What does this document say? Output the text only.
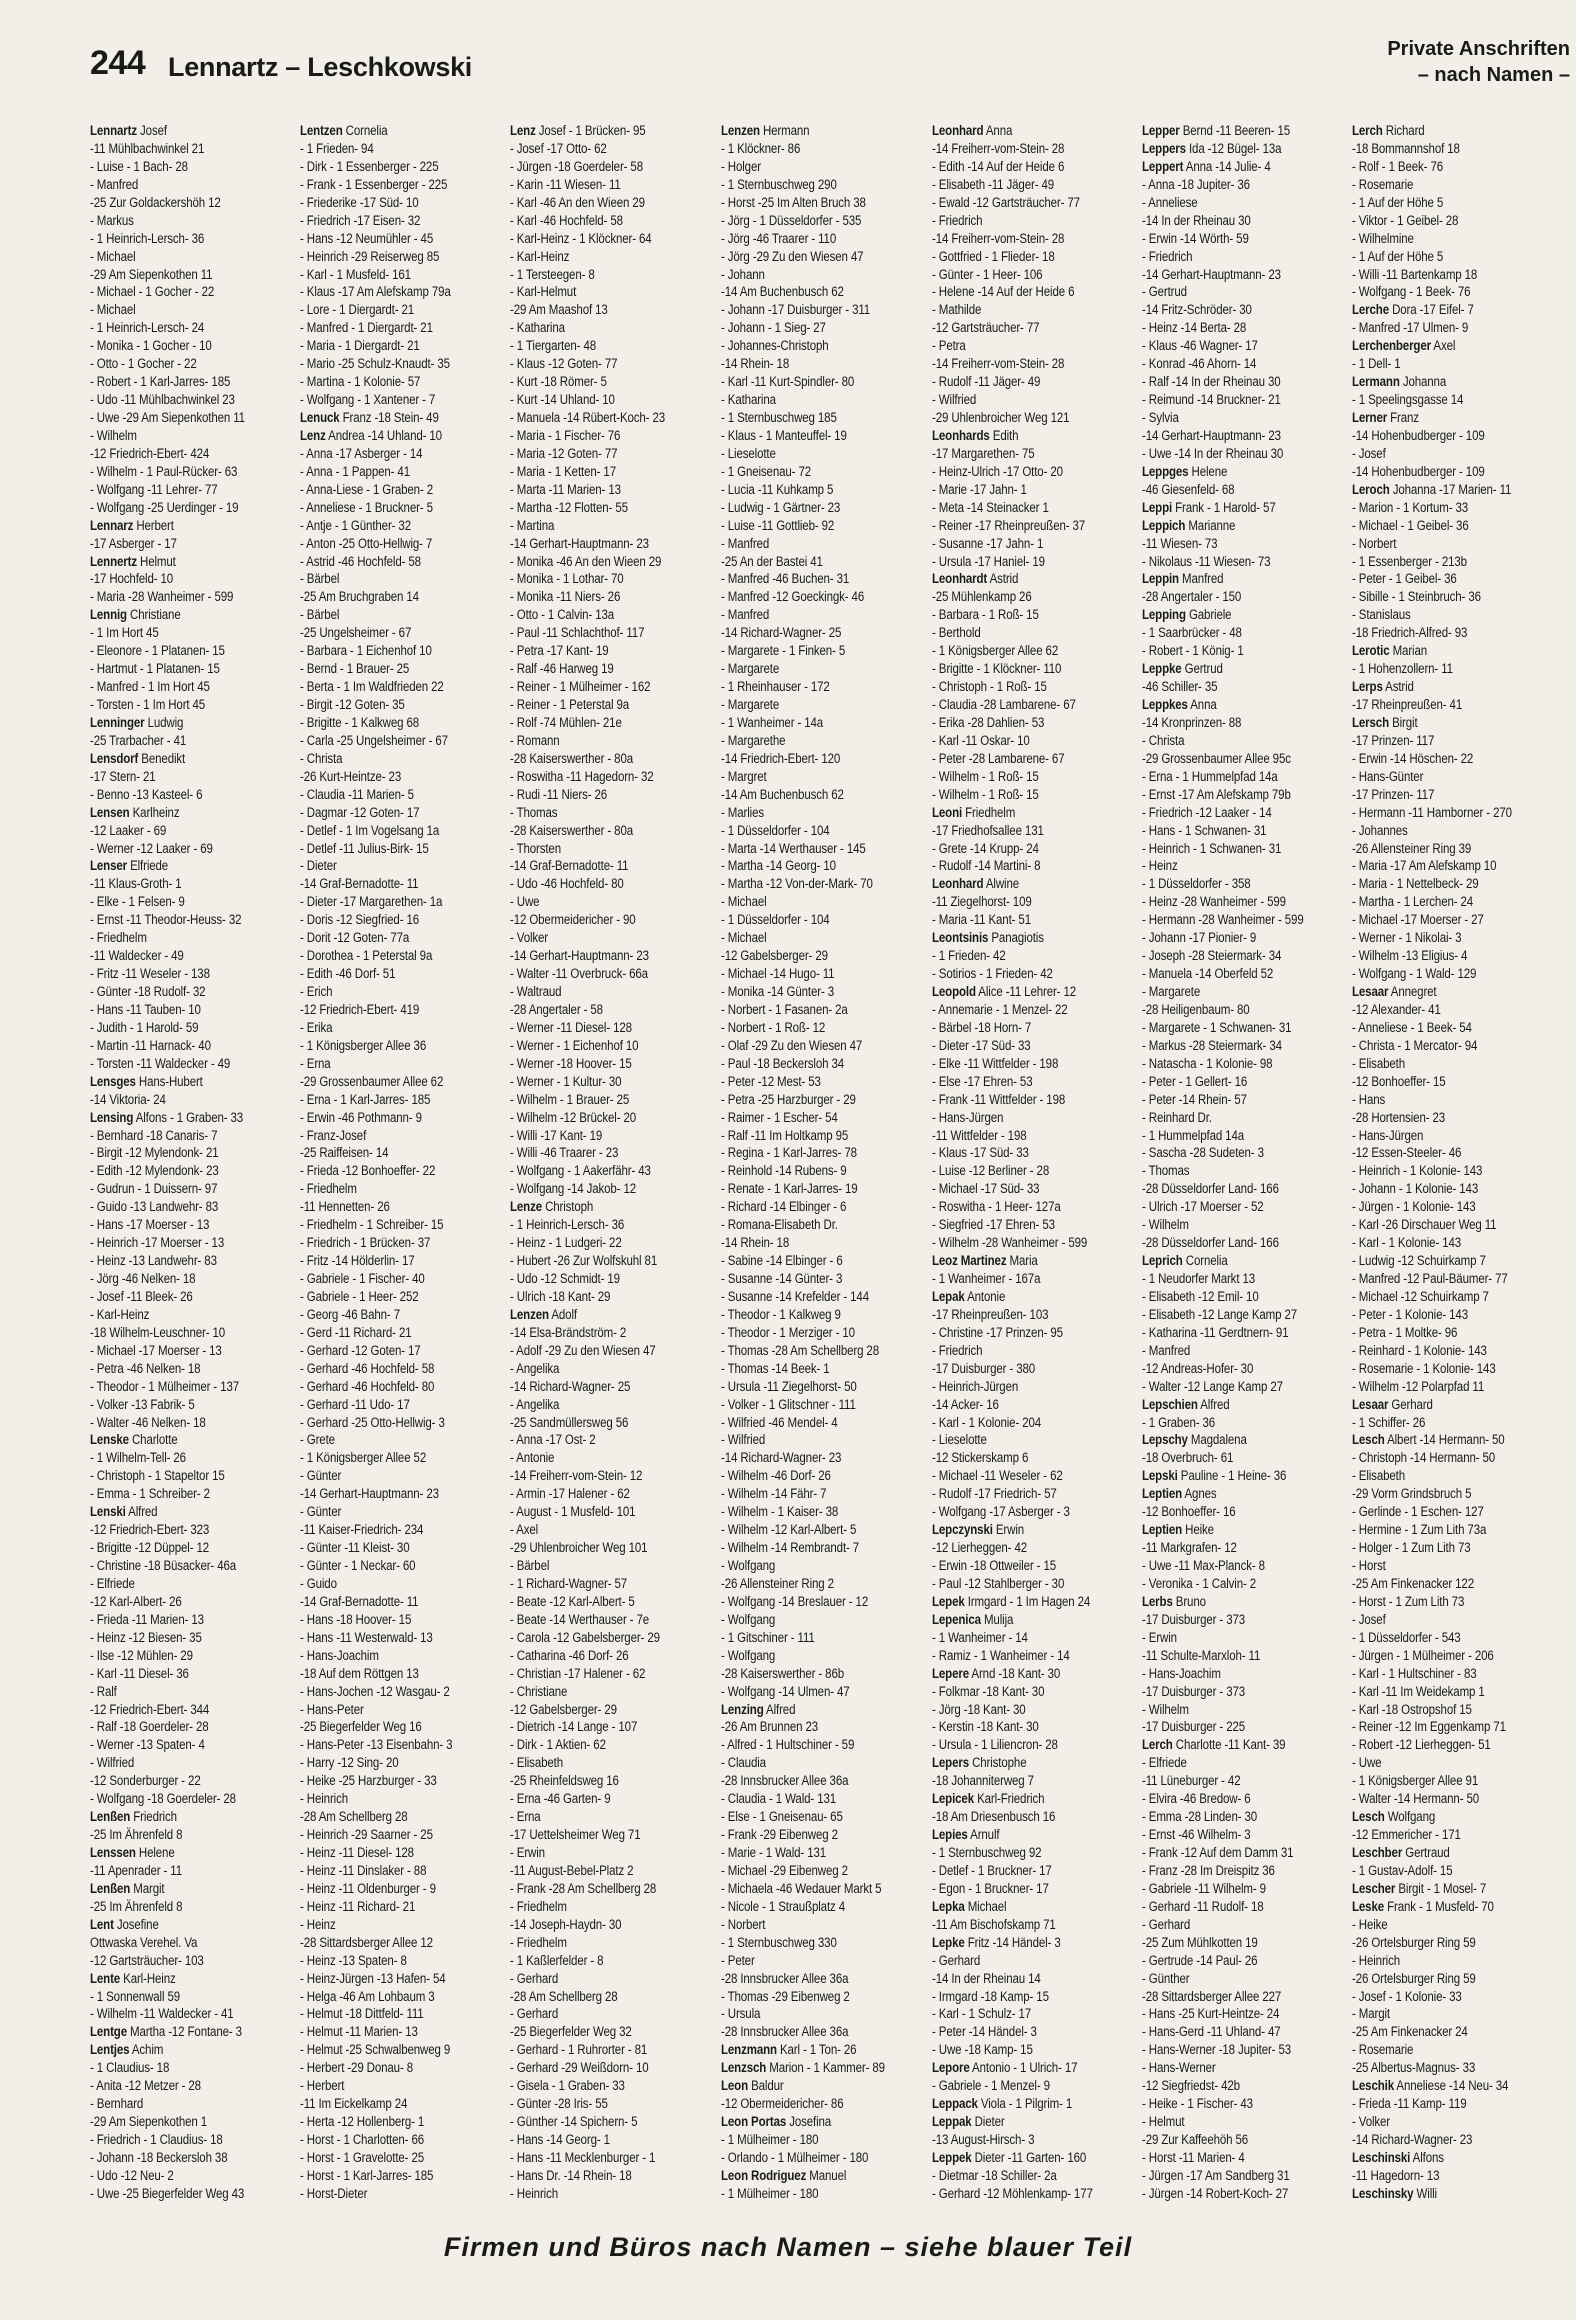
244 Lennartz – Leschkowski
Private Anschriften
– nach Namen –
Lennartz Josef
-11 Mühlbachwinkel 21
- Luise - 1 Bach- 28
- Manfred
-25 Zur Goldackershöh 12
- Markus
- 1 Heinrich-Lersch- 36
- Michael
-29 Am Siepenkothen 11
- Michael - 1 Gocher - 22
- Michael
- 1 Heinrich-Lersch- 24
- Monika - 1 Gocher - 10
- Otto - 1 Gocher - 22
- Robert - 1 Karl-Jarres- 185
- Udo -11 Mühlbachwinkel 23
- Uwe -29 Am Siepenkothen 11
- Wilhelm
-12 Friedrich-Ebert- 424
- Wilhelm - 1 Paul-Rücker- 63
- Wolfgang -11 Lehrer- 77
- Wolfgang -25 Uerdinger - 19
Lennarz Herbert
-17 Asberger - 17
Lennertz Helmut
-17 Hochfeld- 10
- Maria -28 Wanheimer - 599
Lennig Christiane
- 1 Im Hort 45
- Eleonore - 1 Platanen- 15
- Hartmut - 1 Platanen- 15
- Manfred - 1 Im Hort 45
- Torsten - 1 Im Hort 45
Lenninger Ludwig
-25 Trarbacher - 41
Lensdorf Benedikt
-17 Stern- 21
- Benno -13 Kasteel- 6
Lensen Karlheinz
-12 Laaker - 69
- Werner -12 Laaker - 69
Lenser Elfriede
-11 Klaus-Groth- 1
- Elke - 1 Felsen- 9
- Ernst -11 Theodor-Heuss- 32
- Friedhelm
-11 Waldecker - 49
- Fritz -11 Weseler - 138
- Günter -18 Rudolf- 32
- Hans -11 Tauben- 10
- Judith - 1 Harold- 59
- Martin -11 Harnack- 40
- Torsten -11 Waldecker - 49
Lensges Hans-Hubert
-14 Viktoria- 24
Lensing Alfons - 1 Graben- 33
- Bernhard -18 Canaris- 7
- Birgit -12 Mylendonk- 21
- Edith -12 Mylendonk- 23
- Gudrun - 1 Duissern- 97
- Guido -13 Landwehr- 83
- Hans -17 Moerser - 13
- Heinrich -17 Moerser - 13
- Heinz -13 Landwehr- 83
- Jörg -46 Nelken- 18
- Josef -11 Bleek- 26
- Karl-Heinz
-18 Wilhelm-Leuschner- 10
- Michael -17 Moerser - 13
- Petra -46 Nelken- 18
- Theodor - 1 Mülheimer - 137
- Volker -13 Fabrik- 5
- Walter -46 Nelken- 18
Lenske Charlotte
- 1 Wilhelm-Tell- 26
- Christoph - 1 Stapeltor 15
- Emma - 1 Schreiber- 2
Lenski Alfred
-12 Friedrich-Ebert- 323
- Brigitte -12 Düppel- 12
- Christine -18 Büsacker- 46a
- Elfriede
-12 Karl-Albert- 26
- Frieda -11 Marien- 13
- Heinz -12 Biesen- 35
- Ilse -12 Mühlen- 29
- Karl -11 Diesel- 36
- Ralf
-12 Friedrich-Ebert- 344
- Ralf -18 Goerdeler- 28
- Werner -13 Spaten- 4
- Wilfried
-12 Sonderburger - 22
- Wolfgang -18 Goerdeler- 28
Lenßen Friedrich
-25 Im Ährenfeld 8
Lenssen Helene
-11 Apenrader - 11
Lenßen Margit
-25 Im Ährenfeld 8
Lent Josefine
Ottwaska Verehel. Va
-12 Gartsträucher- 103
Lente Karl-Heinz
- 1 Sonnenwall 59
- Wilhelm -11 Waldecker - 41
Lentge Martha -12 Fontane- 3
Lentjes Achim
- 1 Claudius- 18
- Anita -12 Metzer - 28
- Bernhard
-29 Am Siepenkothen 1
- Friedrich - 1 Claudius- 18
- Johann -18 Beckersloh 38
- Udo -12 Neu- 2
- Uwe -25 Biegerfelder Weg 43
Lentzen Cornelia
- 1 Frieden- 94
- Dirk - 1 Essenberger - 225
- Frank - 1 Essenberger - 225
- Friederike -17 Süd- 10
- Friedrich -17 Eisen- 32
- Hans -12 Neumühler - 45
- Heinrich -29 Reiserweg 85
- Karl - 1 Musfeld- 161
- Klaus -17 Am Alefskamp 79a
- Lore - 1 Diergardt- 21
- Manfred - 1 Diergardt- 21
- Maria - 1 Diergardt- 21
- Mario -25 Schulz-Knaudt- 35
- Martina - 1 Kolonie- 57
- Wolfgang - 1 Xantener - 7
Lenuck Franz -18 Stein- 49
Lenz Andrea -14 Uhland- 10
- Anna -17 Asberger - 14
- Anna - 1 Pappen- 41
- Anna-Liese - 1 Graben- 2
- Anneliese - 1 Bruckner- 5
- Antje - 1 Günther- 32
- Anton -25 Otto-Hellwig- 7
- Astrid -46 Hochfeld- 58
- Bärbel
-25 Am Bruchgraben 14
- Bärbel
-25 Ungelsheimer - 67
- Barbara - 1 Eichenhof 10
- Bernd - 1 Brauer- 25
- Berta - 1 Im Waldfrieden 22
- Birgit -12 Goten- 35
- Brigitte - 1 Kalkweg 68
- Carla -25 Ungelsheimer - 67
- Christa
-26 Kurt-Heintze- 23
- Claudia -11 Marien- 5
- Dagmar -12 Goten- 17
- Detlef - 1 Im Vogelsang 1a
- Detlef -11 Julius-Birk- 15
- Dieter
-14 Graf-Bernadotte- 11
- Dieter -17 Margarethen- 1a
- Doris -12 Siegfried- 16
- Dorit -12 Goten- 77a
- Dorothea - 1 Peterstal 9a
- Edith -46 Dorf- 51
- Erich
-12 Friedrich-Ebert- 419
- Erika
- 1 Königsberger Allee 36
- Erna
-29 Grossenbaumer Allee 62
- Erna - 1 Karl-Jarres- 185
- Erwin -46 Pothmann- 9
- Franz-Josef
-25 Raiffeisen- 14
- Frieda -12 Bonhoeffer- 22
- Friedhelm
-11 Hennetten- 26
- Friedhelm - 1 Schreiber- 15
- Friedrich - 1 Brücken- 37
- Fritz -14 Hölderlin- 17
- Gabriele - 1 Fischer- 40
- Gabriele - 1 Heer- 252
- Georg -46 Bahn- 7
- Gerd -11 Richard- 21
- Gerhard -12 Goten- 17
- Gerhard -46 Hochfeld- 58
- Gerhard -46 Hochfeld- 80
- Gerhard -11 Udo- 17
- Gerhard -25 Otto-Hellwig- 3
- Grete
- 1 Königsberger Allee 52
- Günter
-14 Gerhart-Hauptmann- 23
- Günter
-11 Kaiser-Friedrich- 234
- Günter -11 Kleist- 30
- Günter - 1 Neckar- 60
- Guido
-14 Graf-Bernadotte- 11
- Hans -18 Hoover- 15
- Hans -11 Westerwald- 13
- Hans-Joachim
-18 Auf dem Röttgen 13
- Hans-Jochen -12 Wasgau- 2
- Hans-Peter
-25 Biegerfelder Weg 16
- Hans-Peter -13 Eisenbahn- 3
- Harry -12 Sing- 20
- Heike -25 Harzburger - 33
- Heinrich
-28 Am Schellberg 28
- Heinrich -29 Saarner - 25
- Heinz -11 Diesel- 128
- Heinz -11 Dinslaker - 88
- Heinz -11 Oldenburger - 9
- Heinz -11 Richard- 21
- Heinz
-28 Sittardsberger Allee 12
- Heinz -13 Spaten- 8
- Heinz-Jürgen -13 Hafen- 54
- Helga -46 Am Lohbaum 3
- Helmut -18 Dittfeld- 111
- Helmut -11 Marien- 13
- Helmut -25 Schwalbenweg 9
- Herbert -29 Donau- 8
- Herbert
-11 Im Eickelkamp 24
- Herta -12 Hollenberg- 1
- Horst - 1 Charlotten- 66
- Horst - 1 Gravelotte- 25
- Horst - 1 Karl-Jarres- 185
- Horst-Dieter
Lenz Josef - 1 Brücken- 95
- Josef -17 Otto- 62
- Jürgen -18 Goerdeler- 58
- Karin -11 Wiesen- 11
- Karl -46 An den Wieen 29
- Karl -46 Hochfeld- 58
- Karl-Heinz - 1 Klöckner- 64
- Karl-Heinz
- 1 Tersteegen- 8
- Karl-Helmut
-29 Am Maashof 13
- Katharina
- 1 Tiergarten- 48
- Klaus -12 Goten- 77
- Kurt -18 Römer- 5
- Kurt -14 Uhland- 10
- Manuela -14 Rübert-Koch- 23
- Maria - 1 Fischer- 76
- Maria -12 Goten- 77
- Maria - 1 Ketten- 17
- Marta -11 Marien- 13
- Martha -12 Flotten- 55
- Martina
-14 Gerhart-Hauptmann- 23
- Monika -46 An den Wieen 29
- Monika - 1 Lothar- 70
- Monika -11 Niers- 26
- Otto - 1 Calvin- 13a
- Paul -11 Schlachthof- 117
- Petra -17 Kant- 19
- Ralf -46 Harweg 19
- Reiner - 1 Mülheimer - 162
- Reiner - 1 Peterstal 9a
- Rolf -74 Mühlen- 21e
- Romann
-28 Kaiserswerther - 80a
- Roswitha -11 Hagedorn- 32
- Rudi -11 Niers- 26
- Thomas
-28 Kaiserswerther - 80a
- Thorsten
-14 Graf-Bernadotte- 11
- Udo -46 Hochfeld- 80
- Uwe
-12 Obermeidericher - 90
- Volker
-14 Gerhart-Hauptmann- 23
- Walter -11 Overbruck- 66a
- Waltraud
-28 Angertaler - 58
- Werner -11 Diesel- 128
- Werner - 1 Eichenhof 10
- Werner -18 Hoover- 15
- Werner - 1 Kultur- 30
- Wilhelm - 1 Brauer- 25
- Wilhelm -12 Brückel- 20
- Willi -17 Kant- 19
- Willi -46 Traarer - 23
- Wolfgang - 1 Aakerfähr- 43
- Wolfgang -14 Jakob- 12
Lenze Christoph
- 1 Heinrich-Lersch- 36
- Heinz - 1 Ludgeri- 22
- Hubert -26 Zur Wolfskuhl 81
- Udo -12 Schmidt- 19
- Ulrich -18 Kant- 29
Lenzen Adolf
-14 Elsa-Brändström- 2
- Adolf -29 Zu den Wiesen 47
- Angelika
-14 Richard-Wagner- 25
- Angelika
-25 Sandmüllersweg 56
- Anna -17 Ost- 2
- Antonie
-14 Freiherr-vom-Stein- 12
- Armin -17 Halener - 62
- August - 1 Musfeld- 101
- Axel
-29 Uhlenbroicher Weg 101
- Bärbel
- 1 Richard-Wagner- 57
- Beate -12 Karl-Albert- 5
- Beate -14 Werthauser - 7e
- Carola -12 Gabelsberger- 29
- Catharina -46 Dorf- 26
- Christian -17 Halener - 62
- Christiane
-12 Gabelsberger- 29
- Dietrich -14 Lange - 107
- Dirk - 1 Aktien- 62
- Elisabeth
-25 Rheinfeldsweg 16
- Erna -46 Garten- 9
- Erna
-17 Uettelsheimer Weg 71
- Erwin
-11 August-Bebel-Platz 2
- Frank -28 Am Schellberg 28
- Friedhelm
-14 Joseph-Haydn- 30
- Friedhelm
- 1 Kaßlerfelder - 8
- Gerhard
-28 Am Schellberg 28
- Gerhard
-25 Biegerfelder Weg 32
- Gerhard - 1 Ruhrorter - 81
- Gerhard -29 Weißdorn- 10
- Gisela - 1 Graben- 33
- Günter -28 Iris- 55
- Günther -14 Spichern- 5
- Hans -14 Georg- 1
- Hans -11 Mecklenburger - 1
- Hans Dr. -14 Rhein- 18
- Heinrich
Lenzen Hermann
- 1 Klöckner- 86
- Holger
- 1 Sternbuschweg 290
- Horst -25 Im Alten Bruch 38
- Jörg - 1 Düsseldorfer - 535
- Jörg -46 Traarer - 110
- Jörg -29 Zu den Wiesen 47
- Johann
-14 Am Buchenbusch 62
- Johann -17 Duisburger - 311
- Johann - 1 Sieg- 27
- Johannes-Christoph
-14 Rhein- 18
- Karl -11 Kurt-Spindler- 80
- Katharina
- 1 Sternbuschweg 185
- Klaus - 1 Manteuffel- 19
- Lieselotte
- 1 Gneisenau- 72
- Lucia -11 Kuhkamp 5
- Ludwig - 1 Gärtner- 23
- Luise -11 Gottlieb- 92
- Manfred
-25 An der Bastei 41
- Manfred -46 Buchen- 31
- Manfred -12 Goeckingk- 46
- Manfred
-14 Richard-Wagner- 25
- Margarete - 1 Finken- 5
- Margarete
- 1 Rheinhauser - 172
- Margarete
- 1 Wanheimer - 14a
- Margarethe
-14 Friedrich-Ebert- 120
- Margret
-14 Am Buchenbusch 62
- Marlies
- 1 Düsseldorfer - 104
- Marta -14 Werthauser - 145
- Martha -14 Georg- 10
- Martha -12 Von-der-Mark- 70
- Michael
- 1 Düsseldorfer - 104
- Michael
-12 Gabelsberger- 29
- Michael -14 Hugo- 11
- Monika -14 Günter- 3
- Norbert - 1 Fasanen- 2a
- Norbert - 1 Roß- 12
- Olaf -29 Zu den Wiesen 47
- Paul -18 Beckersloh 34
- Peter -12 Mest- 53
- Petra -25 Harzburger - 29
- Raimer - 1 Escher- 54
- Ralf -11 Im Holtkamp 95
- Regina - 1 Karl-Jarres- 78
- Reinhold -14 Rubens- 9
- Renate - 1 Karl-Jarres- 19
- Richard -14 Elbinger - 6
- Romana-Elisabeth Dr.
-14 Rhein- 18
- Sabine -14 Elbinger - 6
- Susanne -14 Günter- 3
- Susanne -14 Krefelder - 144
- Theodor - 1 Kalkweg 9
- Theodor - 1 Merziger - 10
- Thomas -28 Am Schellberg 28
- Thomas -14 Beek- 1
- Ursula -11 Ziegelhorst- 50
- Volker - 1 Glitschner - 111
- Wilfried -46 Mendel- 4
- Wilfried
-14 Richard-Wagner- 23
- Wilhelm -46 Dorf- 26
- Wilhelm -14 Fähr- 7
- Wilhelm - 1 Kaiser- 38
- Wilhelm -12 Karl-Albert- 5
- Wilhelm -14 Rembrandt- 7
- Wolfgang
-26 Allensteiner Ring 2
- Wolfgang -14 Breslauer - 12
- Wolfgang
- 1 Gitschiner - 111
- Wolfgang
-28 Kaiserswerther - 86b
- Wolfgang -14 Ulmen- 47
Lenzing Alfred
-26 Am Brunnen 23
- Alfred - 1 Hultschiner - 59
- Claudia
-28 Innsbrucker Allee 36a
- Claudia - 1 Wald- 131
- Else - 1 Gneisenau- 65
- Frank -29 Eibenweg 2
- Marie - 1 Wald- 131
- Michael -29 Eibenweg 2
- Michaela -46 Wedauer Markt 5
- Nicole - 1 Straußplatz 4
- Norbert
- 1 Sternbuschweg 330
- Peter
-28 Innsbrucker Allee 36a
- Thomas -29 Eibenweg 2
- Ursula
-28 Innsbrucker Allee 36a
Lenzmann Karl - 1 Ton- 26
Lenzsch Marion - 1 Kammer- 89
Leon Baldur
-12 Obermeidericher- 86
Leon Portas Josefina
- 1 Mülheimer - 180
- Orlando - 1 Mülheimer - 180
Leon Rodriguez Manuel
- 1 Mülheimer - 180
Leonhard Anna
-14 Freiherr-vom-Stein- 28
- Edith -14 Auf der Heide 6
- Elisabeth -11 Jäger- 49
- Ewald -12 Gartsträucher- 77
- Friedrich
-14 Freiherr-vom-Stein- 28
- Gottfried - 1 Flieder- 18
- Günter - 1 Heer- 106
- Helene -14 Auf der Heide 6
- Mathilde
-12 Gartsträucher- 77
- Petra
-14 Freiherr-vom-Stein- 28
- Rudolf -11 Jäger- 49
- Wilfried
-29 Uhlenbroicher Weg 121
Leonhards Edith
-17 Margarethen- 75
- Heinz-Ulrich -17 Otto- 20
- Marie -17 Jahn- 1
- Meta -14 Steinacker 1
- Reiner -17 Rheinpreußen- 37
- Susanne -17 Jahn- 1
- Ursula -17 Haniel- 19
Leonhardt Astrid
-25 Mühlenkamp 26
- Barbara - 1 Roß- 15
- Berthold
- 1 Königsberger Allee 62
- Brigitte - 1 Klöckner- 110
- Christoph - 1 Roß- 15
- Claudia -28 Lambarene- 67
- Erika -28 Dahlien- 53
- Karl -11 Oskar- 10
- Peter -28 Lambarene- 67
- Wilhelm - 1 Roß- 15
- Wilhelm - 1 Roß- 15
Leoni Friedhelm
-17 Friedhofsallee 131
- Grete -14 Krupp- 24
- Rudolf -14 Martini- 8
Leonhard Alwine
-11 Ziegelhorst- 109
- Maria -11 Kant- 51
Leontsinis Panagiotis
- 1 Frieden- 42
- Sotirios - 1 Frieden- 42
Leopold Alice -11 Lehrer- 12
- Annemarie - 1 Menzel- 22
- Bärbel -18 Horn- 7
- Dieter -17 Süd- 33
- Elke -11 Wittfelder - 198
- Else -17 Ehren- 53
- Frank -11 Wittfelder - 198
- Hans-Jürgen
-11 Wittfelder - 198
- Klaus -17 Süd- 33
- Luise -12 Berliner - 28
- Michael -17 Süd- 33
- Roswitha - 1 Heer- 127a
- Siegfried -17 Ehren- 53
- Wilhelm -28 Wanheimer - 599
Leoz Martinez Maria
- 1 Wanheimer - 167a
Lepak Antonie
-17 Rheinpreußen- 103
- Christine -17 Prinzen- 95
- Friedrich
-17 Duisburger - 380
- Heinrich-Jürgen
-14 Acker- 16
- Karl - 1 Kolonie- 204
- Lieselotte
-12 Stickerskamp 6
- Michael -11 Weseler - 62
- Rudolf -17 Friedrich- 57
- Wolfgang -17 Asberger - 3
Lepczynski Erwin
-12 Lierheggen- 42
- Erwin -18 Ottweiler - 15
- Paul -12 Stahlberger - 30
Lepek Irmgard - 1 Im Hagen 24
Lepenica Mulija
- 1 Wanheimer - 14
- Ramiz - 1 Wanheimer - 14
Lepere Arnd -18 Kant- 30
- Folkmar -18 Kant- 30
- Jörg -18 Kant- 30
- Kerstin -18 Kant- 30
- Ursula - 1 Liliencron- 28
Lepers Christophe
-18 Johanniterweg 7
Lepicek Karl-Friedrich
-18 Am Driesenbusch 16
Lepies Arnulf
- 1 Sternbuschweg 92
- Detlef - 1 Bruckner- 17
- Egon - 1 Bruckner- 17
Lepka Michael
-11 Am Bischofskamp 71
Lepke Fritz -14 Händel- 3
- Gerhard
-14 In der Rheinau 14
- Irmgard -18 Kamp- 15
- Karl - 1 Schulz- 17
- Peter -14 Händel- 3
- Uwe -18 Kamp- 15
Lepore Antonio - 1 Ulrich- 17
- Gabriele - 1 Menzel- 9
Leppack Viola - 1 Pilgrim- 1
Leppak Dieter
-13 August-Hirsch- 3
Leppek Dieter -11 Garten- 160
- Dietmar -18 Schiller- 2a
- Gerhard -12 Möhlenkamp- 177
Lepper Bernd -11 Beeren- 15
Leppers Ida -12 Bügel- 13a
Leppert Anna -14 Julie- 4
- Anna -18 Jupiter- 36
- Anneliese
-14 In der Rheinau 30
- Erwin -14 Wörth- 59
- Friedrich
-14 Gerhart-Hauptmann- 23
- Gertrud
-14 Fritz-Schröder- 30
- Heinz -14 Berta- 28
- Klaus -46 Wagner- 17
- Konrad -46 Ahorn- 14
- Ralf -14 In der Rheinau 30
- Reimund -14 Bruckner- 21
- Sylvia
-14 Gerhart-Hauptmann- 23
- Uwe -14 In der Rheinau 30
Leppges Helene
-46 Giesenfeld- 68
Leppi Frank - 1 Harold- 57
Leppich Marianne
-11 Wiesen- 73
- Nikolaus -11 Wiesen- 73
Leppin Manfred
-28 Angertaler - 150
Lepping Gabriele
- 1 Saarbrücker - 48
- Robert - 1 König- 1
Leppke Gertrud
-46 Schiller- 35
Leppkes Anna
-14 Kronprinzen- 88
- Christa
-29 Grossenbaumer Allee 95c
- Erna - 1 Hummelpfad 14a
- Ernst -17 Am Alefskamp 79b
- Friedrich -12 Laaker - 14
- Hans - 1 Schwanen- 31
- Heinrich - 1 Schwanen- 31
- Heinz
- 1 Düsseldorfer - 358
- Heinz -28 Wanheimer - 599
- Hermann -28 Wanheimer - 599
- Johann -17 Pionier- 9
- Joseph -28 Steiermark- 34
- Manuela -14 Oberfeld 52
- Margarete
-28 Heiligenbaum- 80
- Margarete - 1 Schwanen- 31
- Markus -28 Steiermark- 34
- Natascha - 1 Kolonie- 98
- Peter - 1 Gellert- 16
- Peter -14 Rhein- 57
- Reinhard Dr.
- 1 Hummelpfad 14a
- Sascha -28 Sudeten- 3
- Thomas
-28 Düsseldorfer Land- 166
- Ulrich -17 Moerser - 52
- Wilhelm
-28 Düsseldorfer Land- 166
Leprich Cornelia
- 1 Neudorfer Markt 13
- Elisabeth -12 Emil- 10
- Elisabeth -12 Lange Kamp 27
- Katharina -11 Gerdtnern- 91
- Manfred
-12 Andreas-Hofer- 30
- Walter -12 Lange Kamp 27
Lepschien Alfred
- 1 Graben- 36
Lepschy Magdalena
-18 Overbruch- 61
Lepski Pauline - 1 Heine- 36
Leptien Agnes
-12 Bonhoeffer- 16
Leptien Heike
-11 Markgrafen- 12
- Uwe -11 Max-Planck- 8
- Veronika - 1 Calvin- 2
Lerbs Bruno
-17 Duisburger - 373
- Erwin
-11 Schulte-Marxloh- 11
- Hans-Joachim
-17 Duisburger - 373
- Wilhelm
-17 Duisburger - 225
Lerch Charlotte -11 Kant- 39
- Elfriede
-11 Lüneburger - 42
- Elvira -46 Bredow- 6
- Emma -28 Linden- 30
- Ernst -46 Wilhelm- 3
- Frank -12 Auf dem Damm 31
- Franz -28 Im Dreispitz 36
- Gabriele -11 Wilhelm- 9
- Gerhard -11 Rudolf- 18
- Gerhard
-25 Zum Mühlkotten 19
- Gertrude -14 Paul- 26
- Günther
-28 Sittardsberger Allee 227
- Hans -25 Kurt-Heintze- 24
- Hans-Gerd -11 Uhland- 47
- Hans-Werner -18 Jupiter- 53
- Hans-Werner
-12 Siegfriedst- 42b
- Heike - 1 Fischer- 43
- Helmut
-29 Zur Kaffeehöh 56
- Horst -11 Marien- 4
- Jürgen -17 Am Sandberg 31
- Jürgen -14 Robert-Koch- 27
Lerch Richard
-18 Bommannshof 18
- Rolf - 1 Beek- 76
- Rosemarie
- 1 Auf der Höhe 5
- Viktor - 1 Geibel- 28
- Wilhelmine
- 1 Auf der Höhe 5
- Willi -11 Bartenkamp 18
- Wolfgang - 1 Beek- 76
Lerche Dora -17 Eifel- 7
- Manfred -17 Ulmen- 9
Lerchenberger Axel
- 1 Dell- 1
Lermann Johanna
- 1 Speelingsgasse 14
Lerner Franz
-14 Hohenbudberger - 109
- Josef
-14 Hohenbudberger - 109
Leroch Johanna -17 Marien- 11
- Marion - 1 Kortum- 33
- Michael - 1 Geibel- 36
- Norbert
- 1 Essenberger - 213b
- Peter - 1 Geibel- 36
- Sibille - 1 Steinbruch- 36
- Stanislaus
-18 Friedrich-Alfred- 93
Lerotic Marian
- 1 Hohenzollern- 11
Lerps Astrid
-17 Rheinpreußen- 41
Lersch Birgit
-17 Prinzen- 117
- Erwin -14 Höschen- 22
- Hans-Günter
-17 Prinzen- 117
- Hermann -11 Hamborner - 270
- Johannes
-26 Allensteiner Ring 39
- Maria -17 Am Alefskamp 10
- Maria - 1 Nettelbeck- 29
- Martha - 1 Lerchen- 24
- Michael -17 Moerser - 27
- Werner - 1 Nikolai- 3
- Wilhelm -13 Eligius- 4
- Wolfgang - 1 Wald- 129
Lesaar Annegret
-12 Alexander- 41
- Anneliese - 1 Beek- 54
- Christa - 1 Mercator- 94
- Elisabeth
-12 Bonhoeffer- 15
- Hans
-28 Hortensien- 23
- Hans-Jürgen
-12 Essen-Steeler- 46
- Heinrich - 1 Kolonie- 143
- Johann - 1 Kolonie- 143
- Jürgen - 1 Kolonie- 143
- Karl -26 Dirschauer Weg 11
- Karl - 1 Kolonie- 143
- Ludwig -12 Schuirkamp 7
- Manfred -12 Paul-Bäumer- 77
- Michael -12 Schuirkamp 7
- Peter - 1 Kolonie- 143
- Petra - 1 Moltke- 96
- Reinhard - 1 Kolonie- 143
- Rosemarie - 1 Kolonie- 143
- Wilhelm -12 Polarpfad 11
Lesaar Gerhard
- 1 Schiffer- 26
Lesch Albert -14 Hermann- 50
- Christoph -14 Hermann- 50
- Elisabeth
-29 Vorm Grindsbruch 5
- Gerlinde - 1 Eschen- 127
- Hermine - 1 Zum Lith 73a
- Holger - 1 Zum Lith 73
- Horst
-25 Am Finkenacker 122
- Horst - 1 Zum Lith 73
- Josef
- 1 Düsseldorfer - 543
- Jürgen - 1 Mülheimer - 206
- Karl - 1 Hultschiner - 83
- Karl -11 Im Weidekamp 1
- Karl -18 Ostropshof 15
- Reiner -12 Im Eggenkamp 71
- Robert -12 Lierheggen- 51
- Uwe
- 1 Königsberger Allee 91
- Walter -14 Hermann- 50
Lesch Wolfgang
-12 Emmericher - 171
Leschber Gertraud
- 1 Gustav-Adolf- 15
Lescher Birgit - 1 Mosel- 7
Leske Frank - 1 Musfeld- 70
- Heike
-26 Ortelsburger Ring 59
- Heinrich
-26 Ortelsburger Ring 59
- Josef - 1 Kolonie- 33
- Margit
-25 Am Finkenacker 24
- Rosemarie
-25 Albertus-Magnus- 33
Leschik Anneliese -14 Neu- 34
- Frieda -11 Kamp- 119
- Volker
-14 Richard-Wagner- 23
Leschinski Alfons
-11 Hagedorn- 13
Leschinsky Willi
Firmen und Büros nach Namen – siehe blauer Teil
